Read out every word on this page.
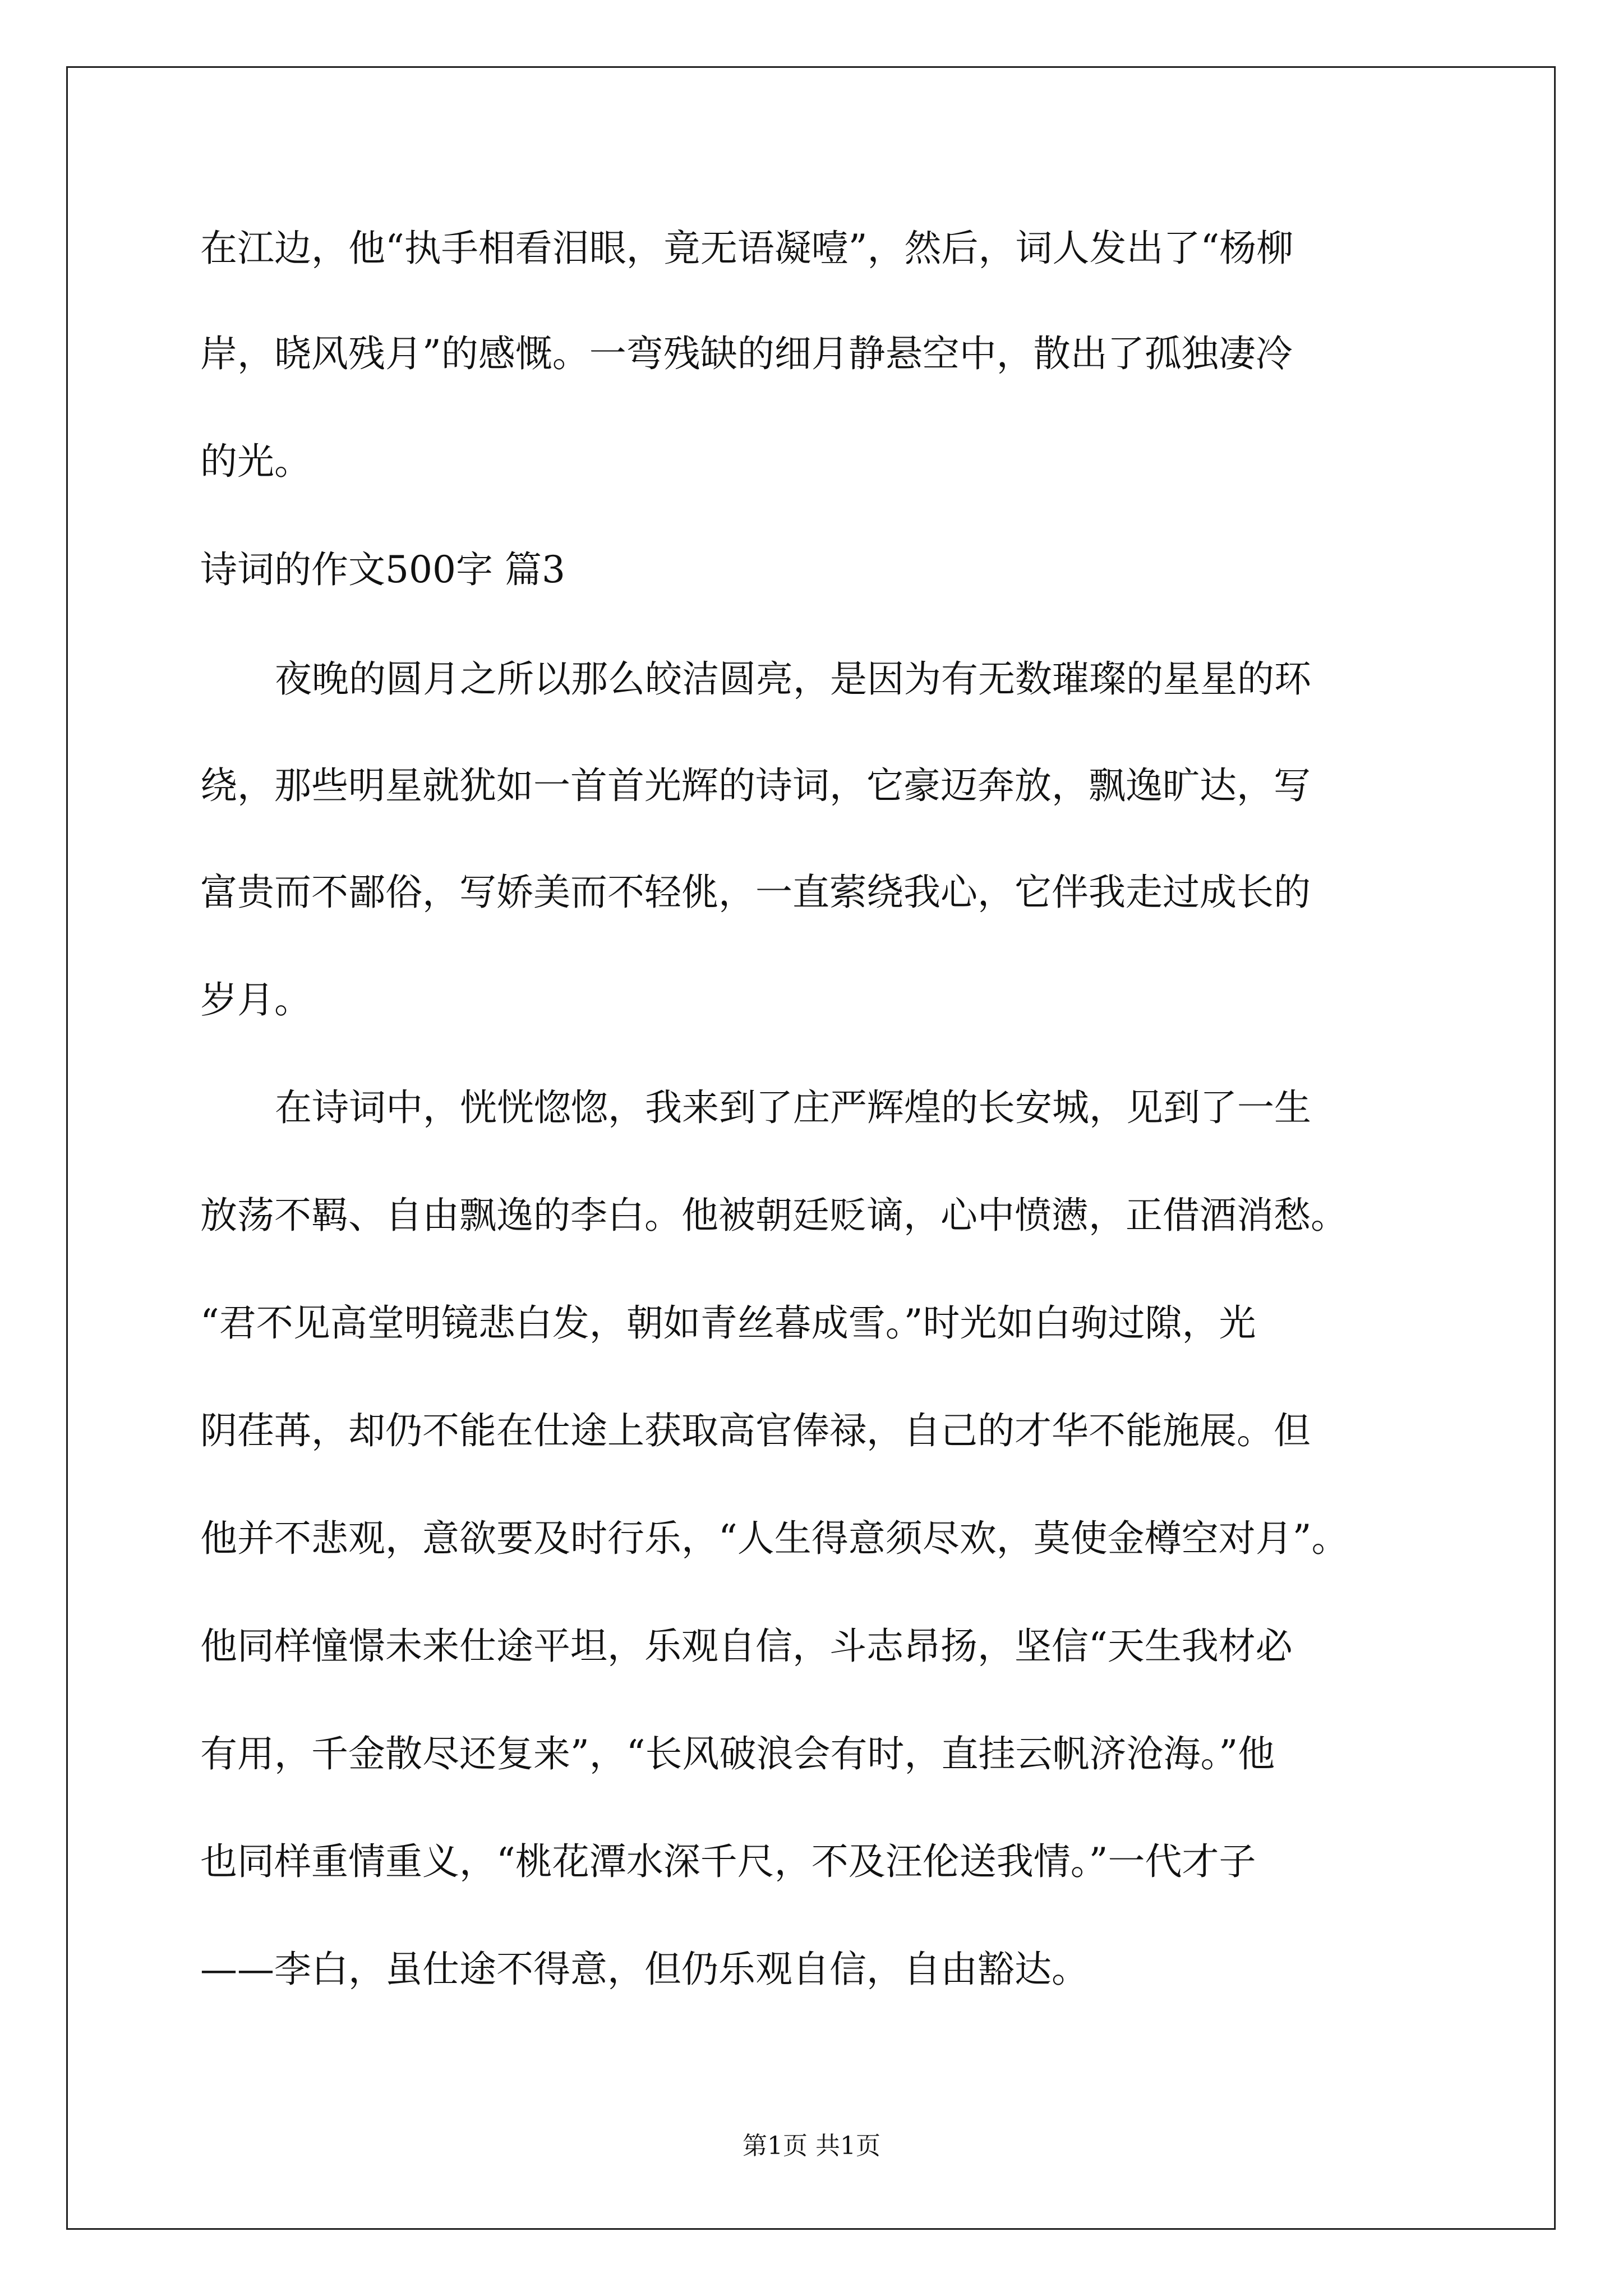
在江边，他“执手相看泪眼，竟无语凝噎”，然后，词人发出了“杨柳
岸，晓风残月”的感慨。一弯残缺的细月静悬空中，散出了孤独凄冷
的光。
诗词的作文500字 篇3
夜晚的圆月之所以那么皎洁圆亮，是因为有无数璀璨的星星的环
绕，那些明星就犹如一首首光辉的诗词，它豪迈奔放，飘逸旷达，写
富贵而不鄙俗，写娇美而不轻佻，一直萦绕我心，它伴我走过成长的
岁月。
在诗词中，恍恍惚惚，我来到了庄严辉煌的长安城，见到了一生
放荡不羁、自由飘逸的李白。他被朝廷贬谪，心中愤懑，正借酒消愁。
“君不见高堂明镜悲白发，朝如青丝暮成雪。”时光如白驹过隙，光
阴荏苒，却仍不能在仕途上获取高官俸禄，自己的才华不能施展。但
他并不悲观，意欲要及时行乐，“人生得意须尽欢，莫使金樽空对月”。
他同样憧憬未来仕途平坦，乐观自信，斗志昂扬，坚信“天生我材必
有用，千金散尽还复来”，“长风破浪会有时，直挂云帆济沧海。”他
也同样重情重义，“桃花潭水深千尺，不及汪伦送我情。”一代才子
——李白，虽仕途不得意，但仍乐观自信，自由豁达。
第1页 共1页
